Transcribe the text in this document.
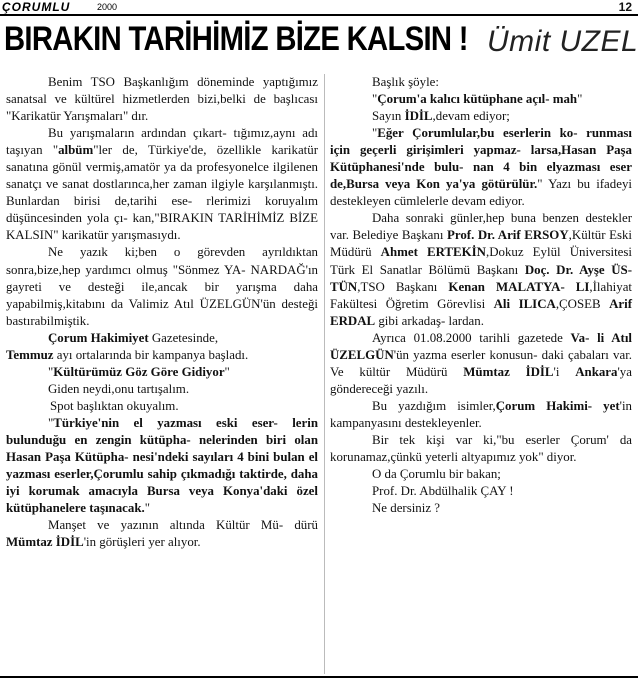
ÇORUMLU	2000	12
BIRAKIN TARİHİMİZ BİZE KALSIN ! Ümit UZEL

Benim TSO Başkanlığım döneminde yaptığımız sanatsal ve kültürel hizmetlerden bizi,belki de başlıcası "Karikatür Yarışmaları" dır.

Bu yarışmaların ardından çıkart- tığımız,aynı adı taşıyan "albüm"ler de, Türkiye'de, özellikle karikatür sanatına gönül vermiş,amatör ya da profesyonelce ilgilenen sanatçı ve sanat dostlarınca,her zaman ilgiyle karşılanmıştı. Bunlardan birisi de,tarihi ese- rlerimizi koruyalım düşüncesinden yola çı- kan,"BIRAKIN TARİHİMİZ BİZE KALSIN" karikatür yarışmasıydı.

Ne yazık ki;ben o görevden ayrıldıktan sonra,bize,hep yardımcı olmuş "Sönmez YA- NARDAĞ'ın gayreti ve desteği ile,ancak bir yarışma daha yapabilmiş,kitabını da Valimiz Atıl ÜZELGÜN'ün desteği bastırabilmiştik.

Çorum Hakimiyet Gazetesinde,
Temmuz ayı ortalarında bir kampanya başladı.

"Kültürümüz Göz Göre Gidiyor"

Giden neydi,onu tartışalım.

Spot başlıktan okuyalım.

"Türkiye'nin el yazması eski eser- lerin bulunduğu en zengin kütüpha- nelerinden biri olan Hasan Paşa Kütüpha- nesi'ndeki sayıları 4 bini bulan el yazması eserler,Çorumlu sahip çıkmadığı taktirde, daha iyi korumak amacıyla Bursa veya Konya'daki özel kütüphanelere taşınacak."

Manşet ve yazının altında Kültür Mü- dürü Mümtaz İDİL'in görüşleri yer alıyor.

Başlık şöyle:

"Çorum'a kalıcı kütüphane açıl- mah"

Sayın İDİL,devam ediyor;

"Eğer Çorumlular,bu eserlerin ko- runması için geçerli girişimleri yapmaz- larsa,Hasan Paşa Kütüphanesi'nde bulu- nan 4 bin elyazması eser de,Bursa veya Kon ya'ya götürülür." Yazı bu ifadeyi destekleyen cümlelerle devam ediyor.

Daha sonraki günler,hep buna benzen destekler var. Belediye Başkanı Prof. Dr. Arif ERSOY,Kültür Eski Müdürü Ahmet ERTEKİN,Dokuz Eylül Üniversitesi Türk El Sanatlar Bölümü Başkanı Doç. Dr. Ayşe ÜS- TÜN,TSO Başkanı Kenan MALATYA- LI,İlahiyat Fakültesi Öğretim Görevlisi Ali ILICA,ÇOSEB Arif ERDAL gibi arkadaş- lardan.

Ayrıca 01.08.2000 tarihli gazetede Va- li Atıl ÜZELGÜN'ün yazma eserler konusun- daki çabaları var. Ve kültür Müdürü Mümtaz İDİL'i Ankara'ya göndereceği yazılı.

Bu yazdığım isimler,Çorum Hakimi- yet'in kampanyasını destekleyenler.

Bir tek kişi var ki,"bu eserler Çorum' da korunamaz,çünkü yeterli altyapımız yok" diyor.

O da Çorumlu bir bakan;

Prof. Dr. Abdülhalik ÇAY !

Ne dersiniz ?
